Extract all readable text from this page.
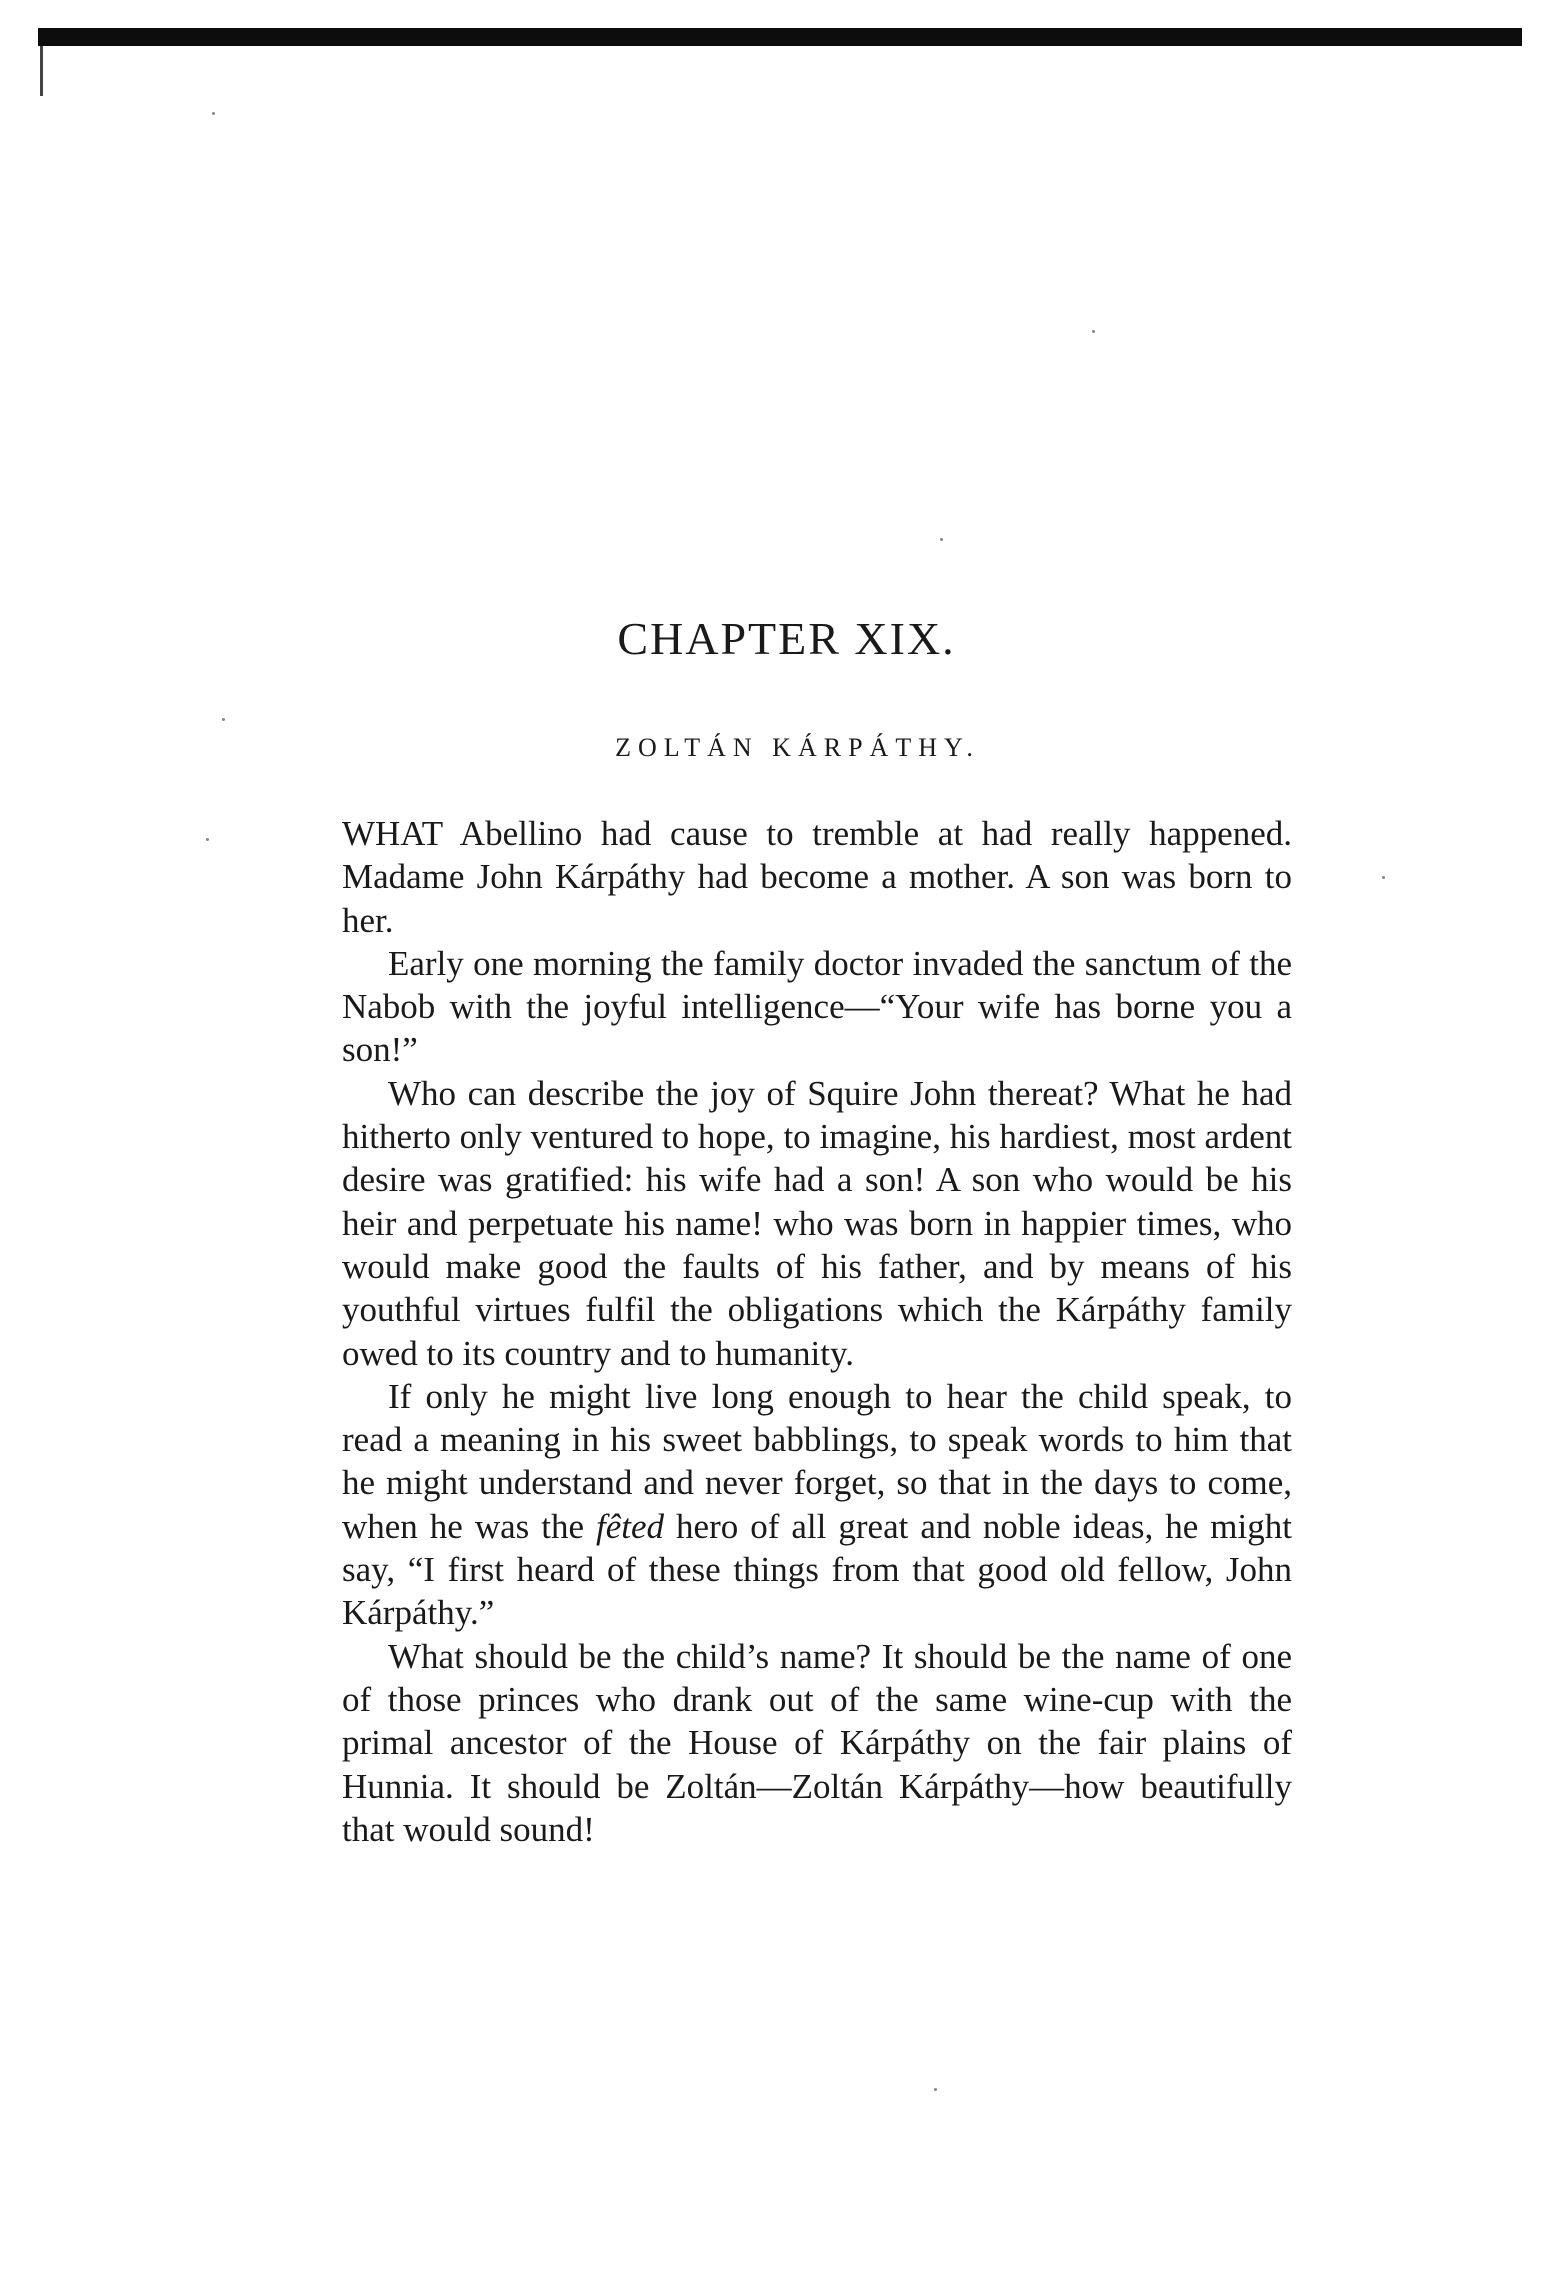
CHAPTER XIX.
ZOLTÁN KÁRPÁTHY.

WHAT Abellino had cause to tremble at had really happened. Madame John Kárpáthy had become a mother. A son was born to her.

Early one morning the family doctor invaded the sanctum of the Nabob with the joyful intelligence—“Your wife has borne you a son!”

Who can describe the joy of Squire John thereat? What he had hitherto only ventured to hope, to imagine, his hardiest, most ardent desire was gratified: his wife had a son! A son who would be his heir and perpetuate his name! who was born in happier times, who would make good the faults of his father, and by means of his youthful virtues fulfil the obligations which the Kárpáthy family owed to its country and to humanity.

If only he might live long enough to hear the child speak, to read a meaning in his sweet babblings, to speak words to him that he might understand and never forget, so that in the days to come, when he was the fêted hero of all great and noble ideas, he might say, “I first heard of these things from that good old fellow, John Kárpáthy.”

What should be the child’s name? It should be the name of one of those princes who drank out of the same wine-cup with the primal ancestor of the House of Kárpáthy on the fair plains of Hunnia. It should be Zoltán—Zoltán Kárpáthy—how beautifully that would sound!
